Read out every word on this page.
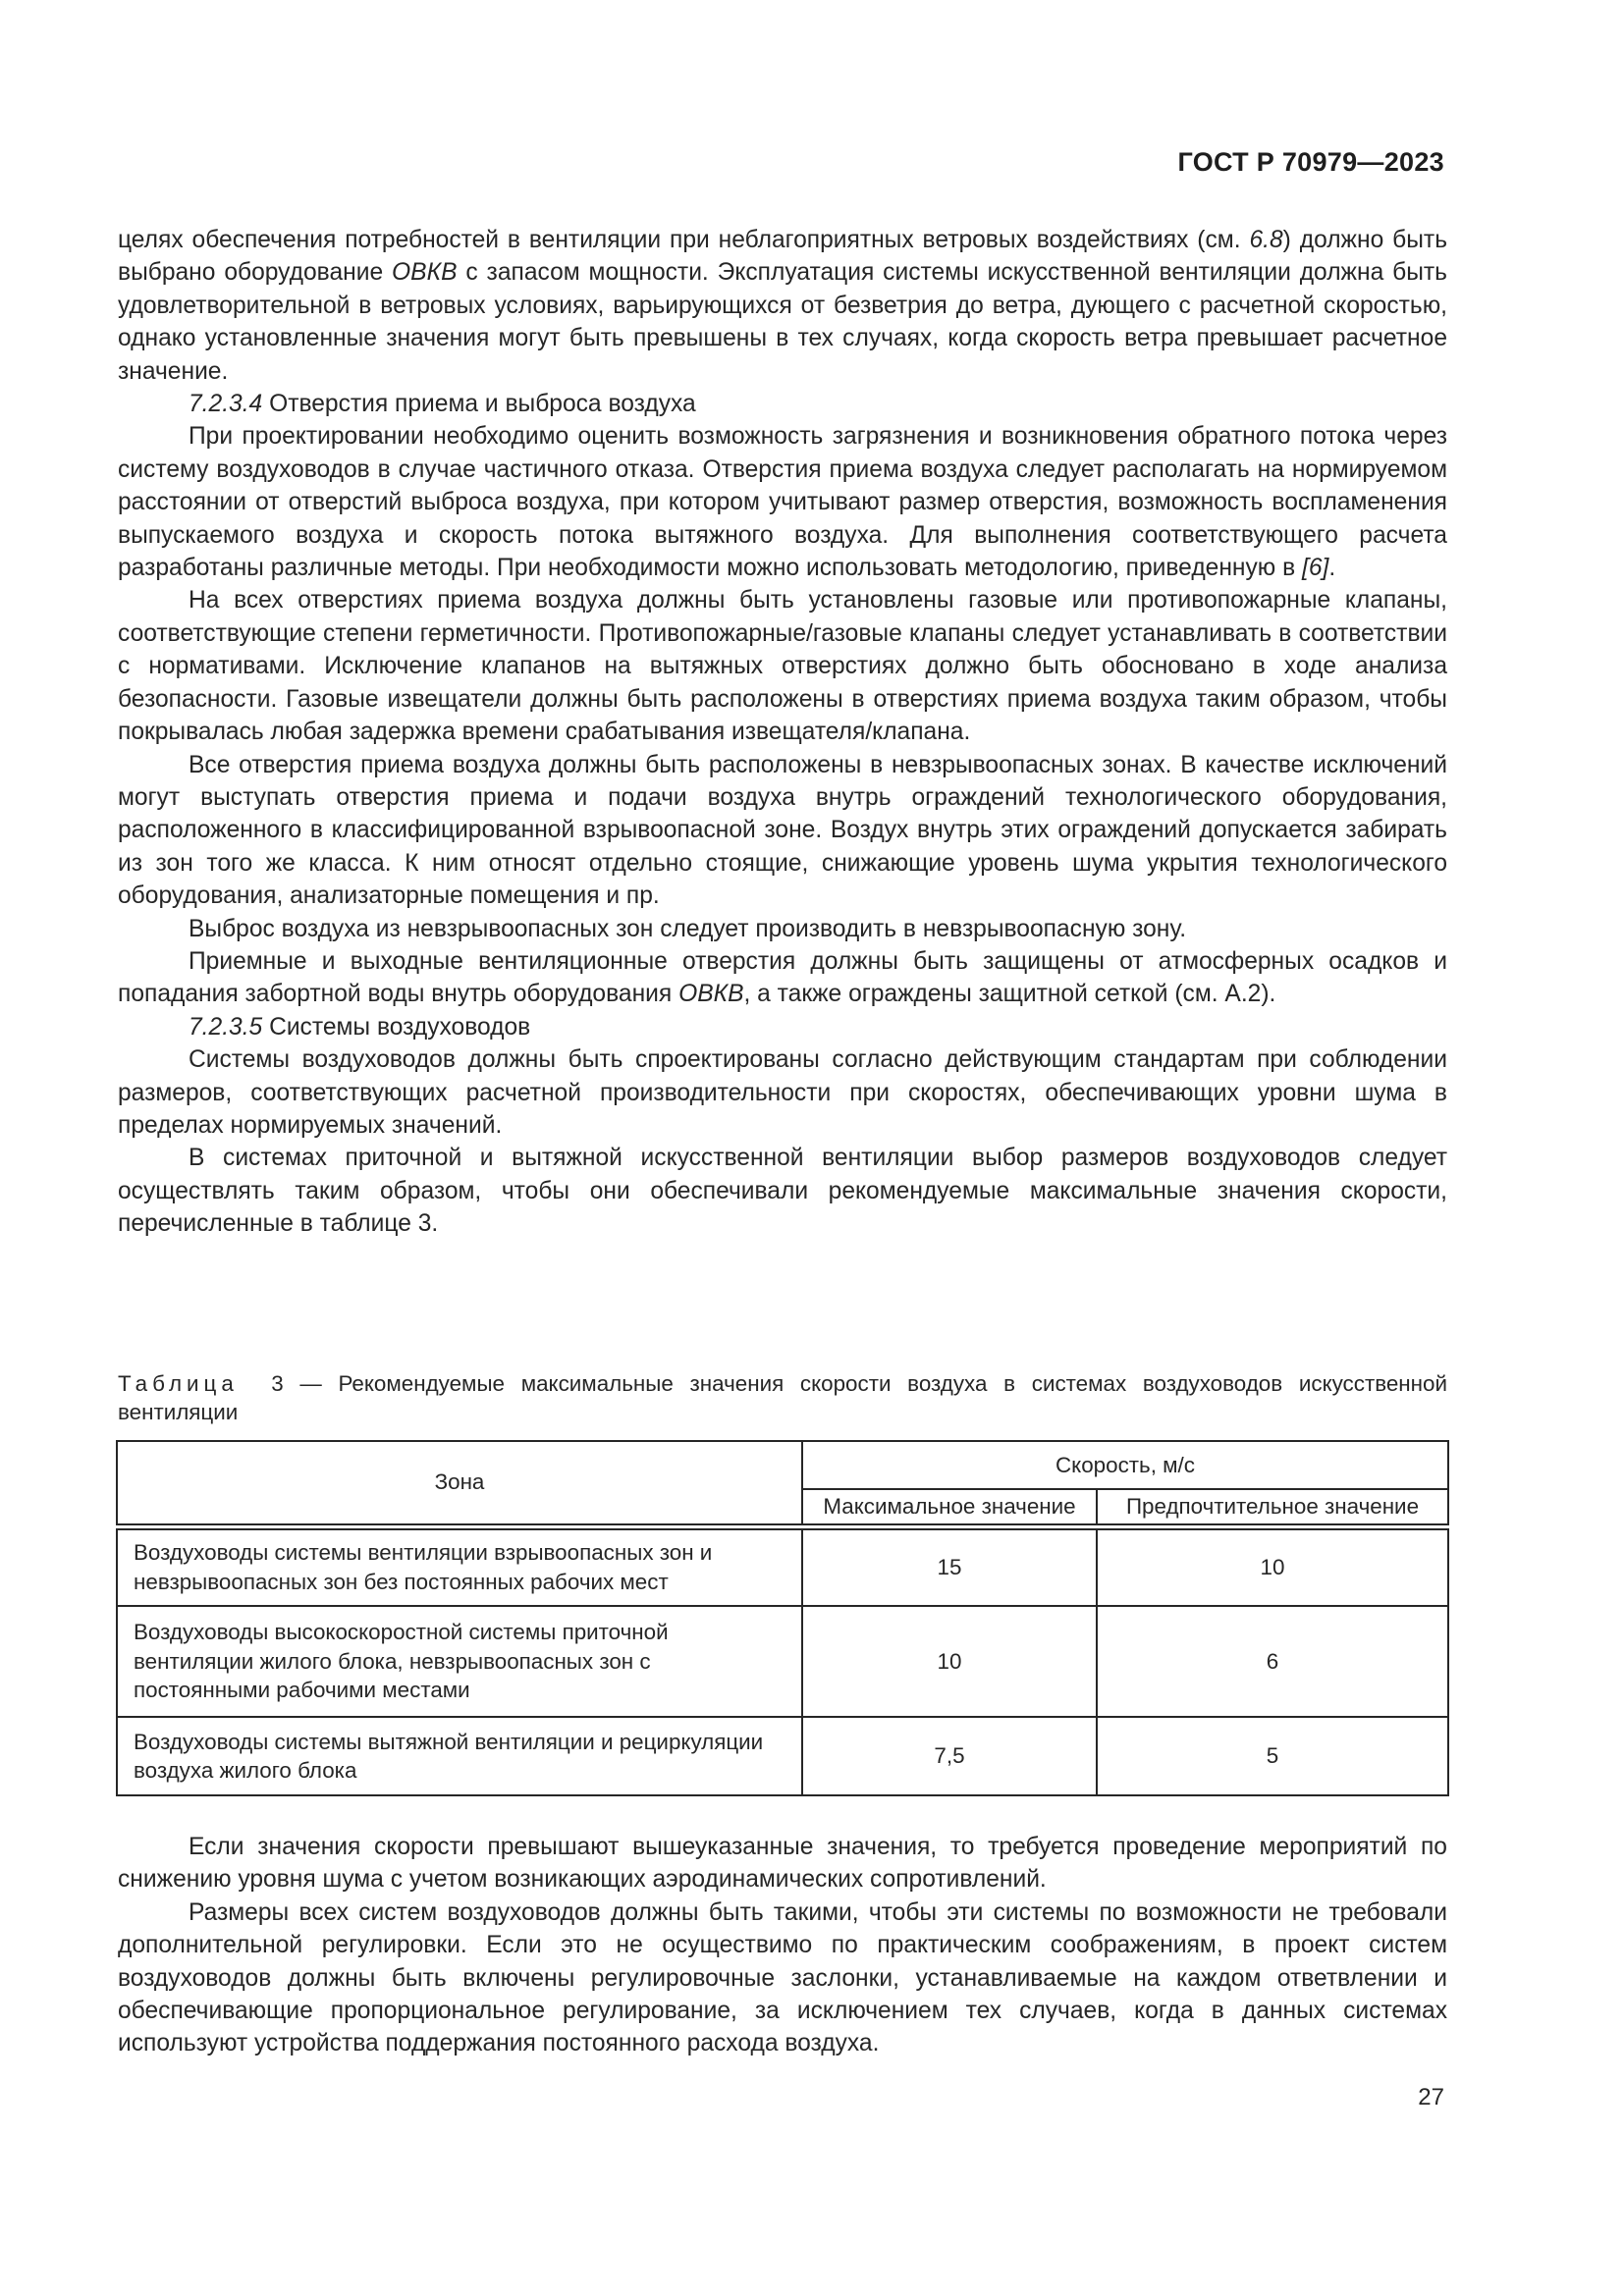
ГОСТ Р 70979—2023

целях обеспечения потребностей в вентиляции при неблагоприятных ветровых воздействиях (см. 6.8) должно быть выбрано оборудование ОВКВ с запасом мощности. Эксплуатация системы искусственной вентиляции должна быть удовлетворительной в ветровых условиях, варьирующихся от безветрия до ветра, дующего с расчетной скоростью, однако установленные значения могут быть превышены в тех случаях, когда скорость ветра превышает расчетное значение.

7.2.3.4 Отверстия приема и выброса воздуха

При проектировании необходимо оценить возможность загрязнения и возникновения обратного потока через систему воздуховодов в случае частичного отказа. Отверстия приема воздуха следует располагать на нормируемом расстоянии от отверстий выброса воздуха, при котором учитывают размер отверстия, возможность воспламенения выпускаемого воздуха и скорость потока вытяжного воздуха. Для выполнения соответствующего расчета разработаны различные методы. При необходимости можно использовать методологию, приведенную в [6].

На всех отверстиях приема воздуха должны быть установлены газовые или противопожарные клапаны, соответствующие степени герметичности. Противопожарные/газовые клапаны следует устанавливать в соответствии с нормативами. Исключение клапанов на вытяжных отверстиях должно быть обосновано в ходе анализа безопасности. Газовые извещатели должны быть расположены в отверстиях приема воздуха таким образом, чтобы покрывалась любая задержка времени срабатывания извещателя/клапана.

Все отверстия приема воздуха должны быть расположены в невзрывоопасных зонах. В качестве исключений могут выступать отверстия приема и подачи воздуха внутрь ограждений технологического оборудования, расположенного в классифицированной взрывоопасной зоне. Воздух внутрь этих ограждений допускается забирать из зон того же класса. К ним относят отдельно стоящие, снижающие уровень шума укрытия технологического оборудования, анализаторные помещения и пр.

Выброс воздуха из невзрывоопасных зон следует производить в невзрывоопасную зону.

Приемные и выходные вентиляционные отверстия должны быть защищены от атмосферных осадков и попадания забортной воды внутрь оборудования ОВКВ, а также ограждены защитной сеткой (см. А.2).

7.2.3.5 Системы воздуховодов

Системы воздуховодов должны быть спроектированы согласно действующим стандартам при соблюдении размеров, соответствующих расчетной производительности при скоростях, обеспечивающих уровни шума в пределах нормируемых значений.

В системах приточной и вытяжной искусственной вентиляции выбор размеров воздуховодов следует осуществлять таким образом, чтобы они обеспечивали рекомендуемые максимальные значения скорости, перечисленные в таблице 3.

Таблица 3 — Рекомендуемые максимальные значения скорости воздуха в системах воздуховодов искусственной вентиляции

Зона	Скорость, м/с	
	Максимальное значение	Предпочтительное значение
Воздуховоды системы вентиляции взрывоопасных зон и невзрывоопасных зон без постоянных рабочих мест	15	10
Воздуховоды высокоскоростной системы приточной вентиляции жилого блока, невзрывоопасных зон с постоянными рабочими местами	10	6
Воздуховоды системы вытяжной вентиляции и рециркуляции воздуха жилого блока	7,5	5

Если значения скорости превышают вышеуказанные значения, то требуется проведение мероприятий по снижению уровня шума с учетом возникающих аэродинамических сопротивлений.

Размеры всех систем воздуховодов должны быть такими, чтобы эти системы по возможности не требовали дополнительной регулировки. Если это не осуществимо по практическим соображениям, в проект систем воздуховодов должны быть включены регулировочные заслонки, устанавливаемые на каждом ответвлении и обеспечивающие пропорциональное регулирование, за исключением тех случаев, когда в данных системах используют устройства поддержания постоянного расхода воздуха.

27
